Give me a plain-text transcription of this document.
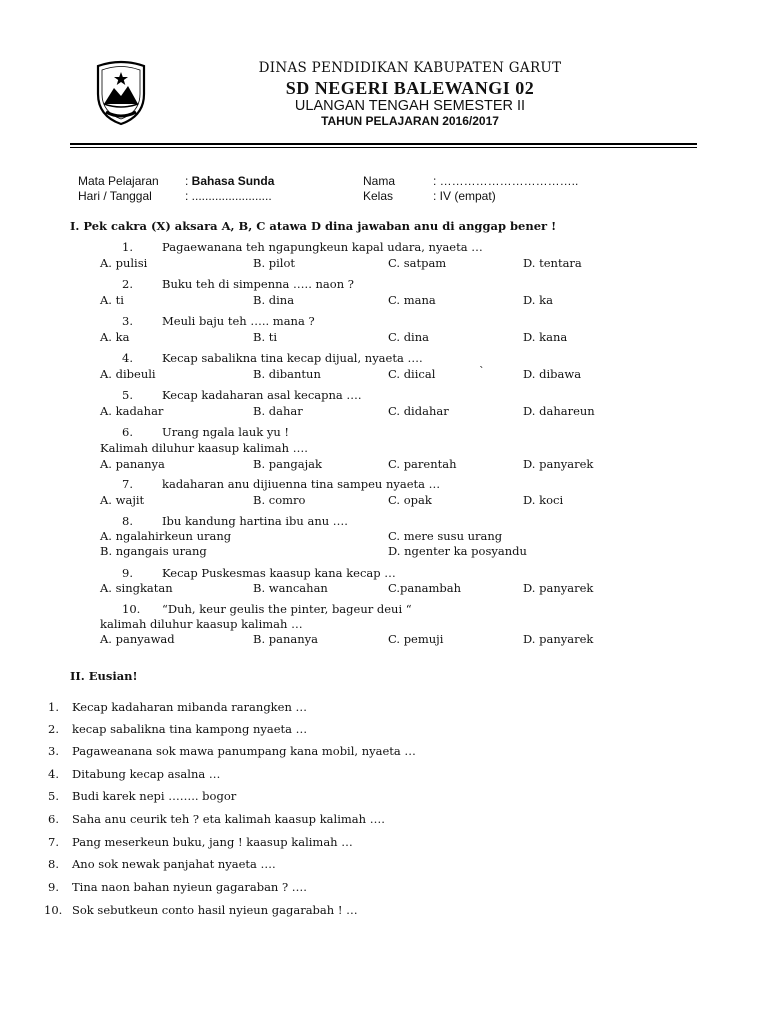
DINAS PENDIDIKAN KABUPATEN GARUT
SD NEGERI BALEWANGI 02
ULANGAN TENGAH SEMESTER II
TAHUN PELAJARAN 2016/2017
Mata Pelajaran : Bahasa Sunda
Hari / Tanggal	: ........................
Nama	: ……………………………..
Kelas	: IV (empat)
I. Pek cakra (X) aksara A, B, C atawa D dina jawaban anu di anggap bener !
1.	Pagaewanana teh ngapungkeun kapal udara, nyaeta …
A. pulisi	B. pilot	C. satpam	D. tentara
2.	Buku teh di simpenna ….. naon ?
A. ti	B. dina	C. mana	D. ka
3.	Meuli baju teh ….. mana ?
A. ka	B. ti	C. dina	D. kana
4.	Kecap sabalikna tina kecap dijual, nyaeta ….
A. dibeuli	B. dibantun	C. diical	`	D. dibawa
5.	Kecap kadaharan asal kecapna ….
A. kadahar	B. dahar	C. didahar	D. dahareun
6.	Urang ngala lauk yu !
Kalimah diluhur kaasup kalimah ….
A. pananya	B. pangajak	C. parentah	D. panyarek
7.	kadaharan anu dijiuenna tina sampeu nyaeta …
A. wajit	B. comro	C. opak	D. koci
8.	Ibu kandung hartina ibu anu ….
A. ngalahirkeun urang	C. mere susu urang
B. ngangais urang	D. ngenter ka posyandu
9.	Kecap Puskesmas kaasup kana kecap …
A. singkatan	B. wancahan	C.panambah	D. panyarek
10. “Duh, keur geulis the pinter, bageur deui “
kalimah diluhur kaasup kalimah …
A. panyawad	B. pananya	C. pemuji	D. panyarek
II. Eusian!
1. Kecap kadaharan mibanda rarangken …
2. kecap sabalikna tina kampong nyaeta …
3. Pagaweanana sok mawa panumpang kana mobil, nyaeta …
4. Ditabung kecap asalna …
5. Budi karek nepi …….. bogor
6. Saha anu ceurik teh ? eta kalimah kaasup kalimah ….
7. Pang meserkeun buku, jang ! kaasup kalimah …
8. Ano sok newak panjahat nyaeta ….
9. Tina naon bahan nyieun gagaraban ? ….
10. Sok sebutkeun conto hasil nyieun gagarabah ! …
